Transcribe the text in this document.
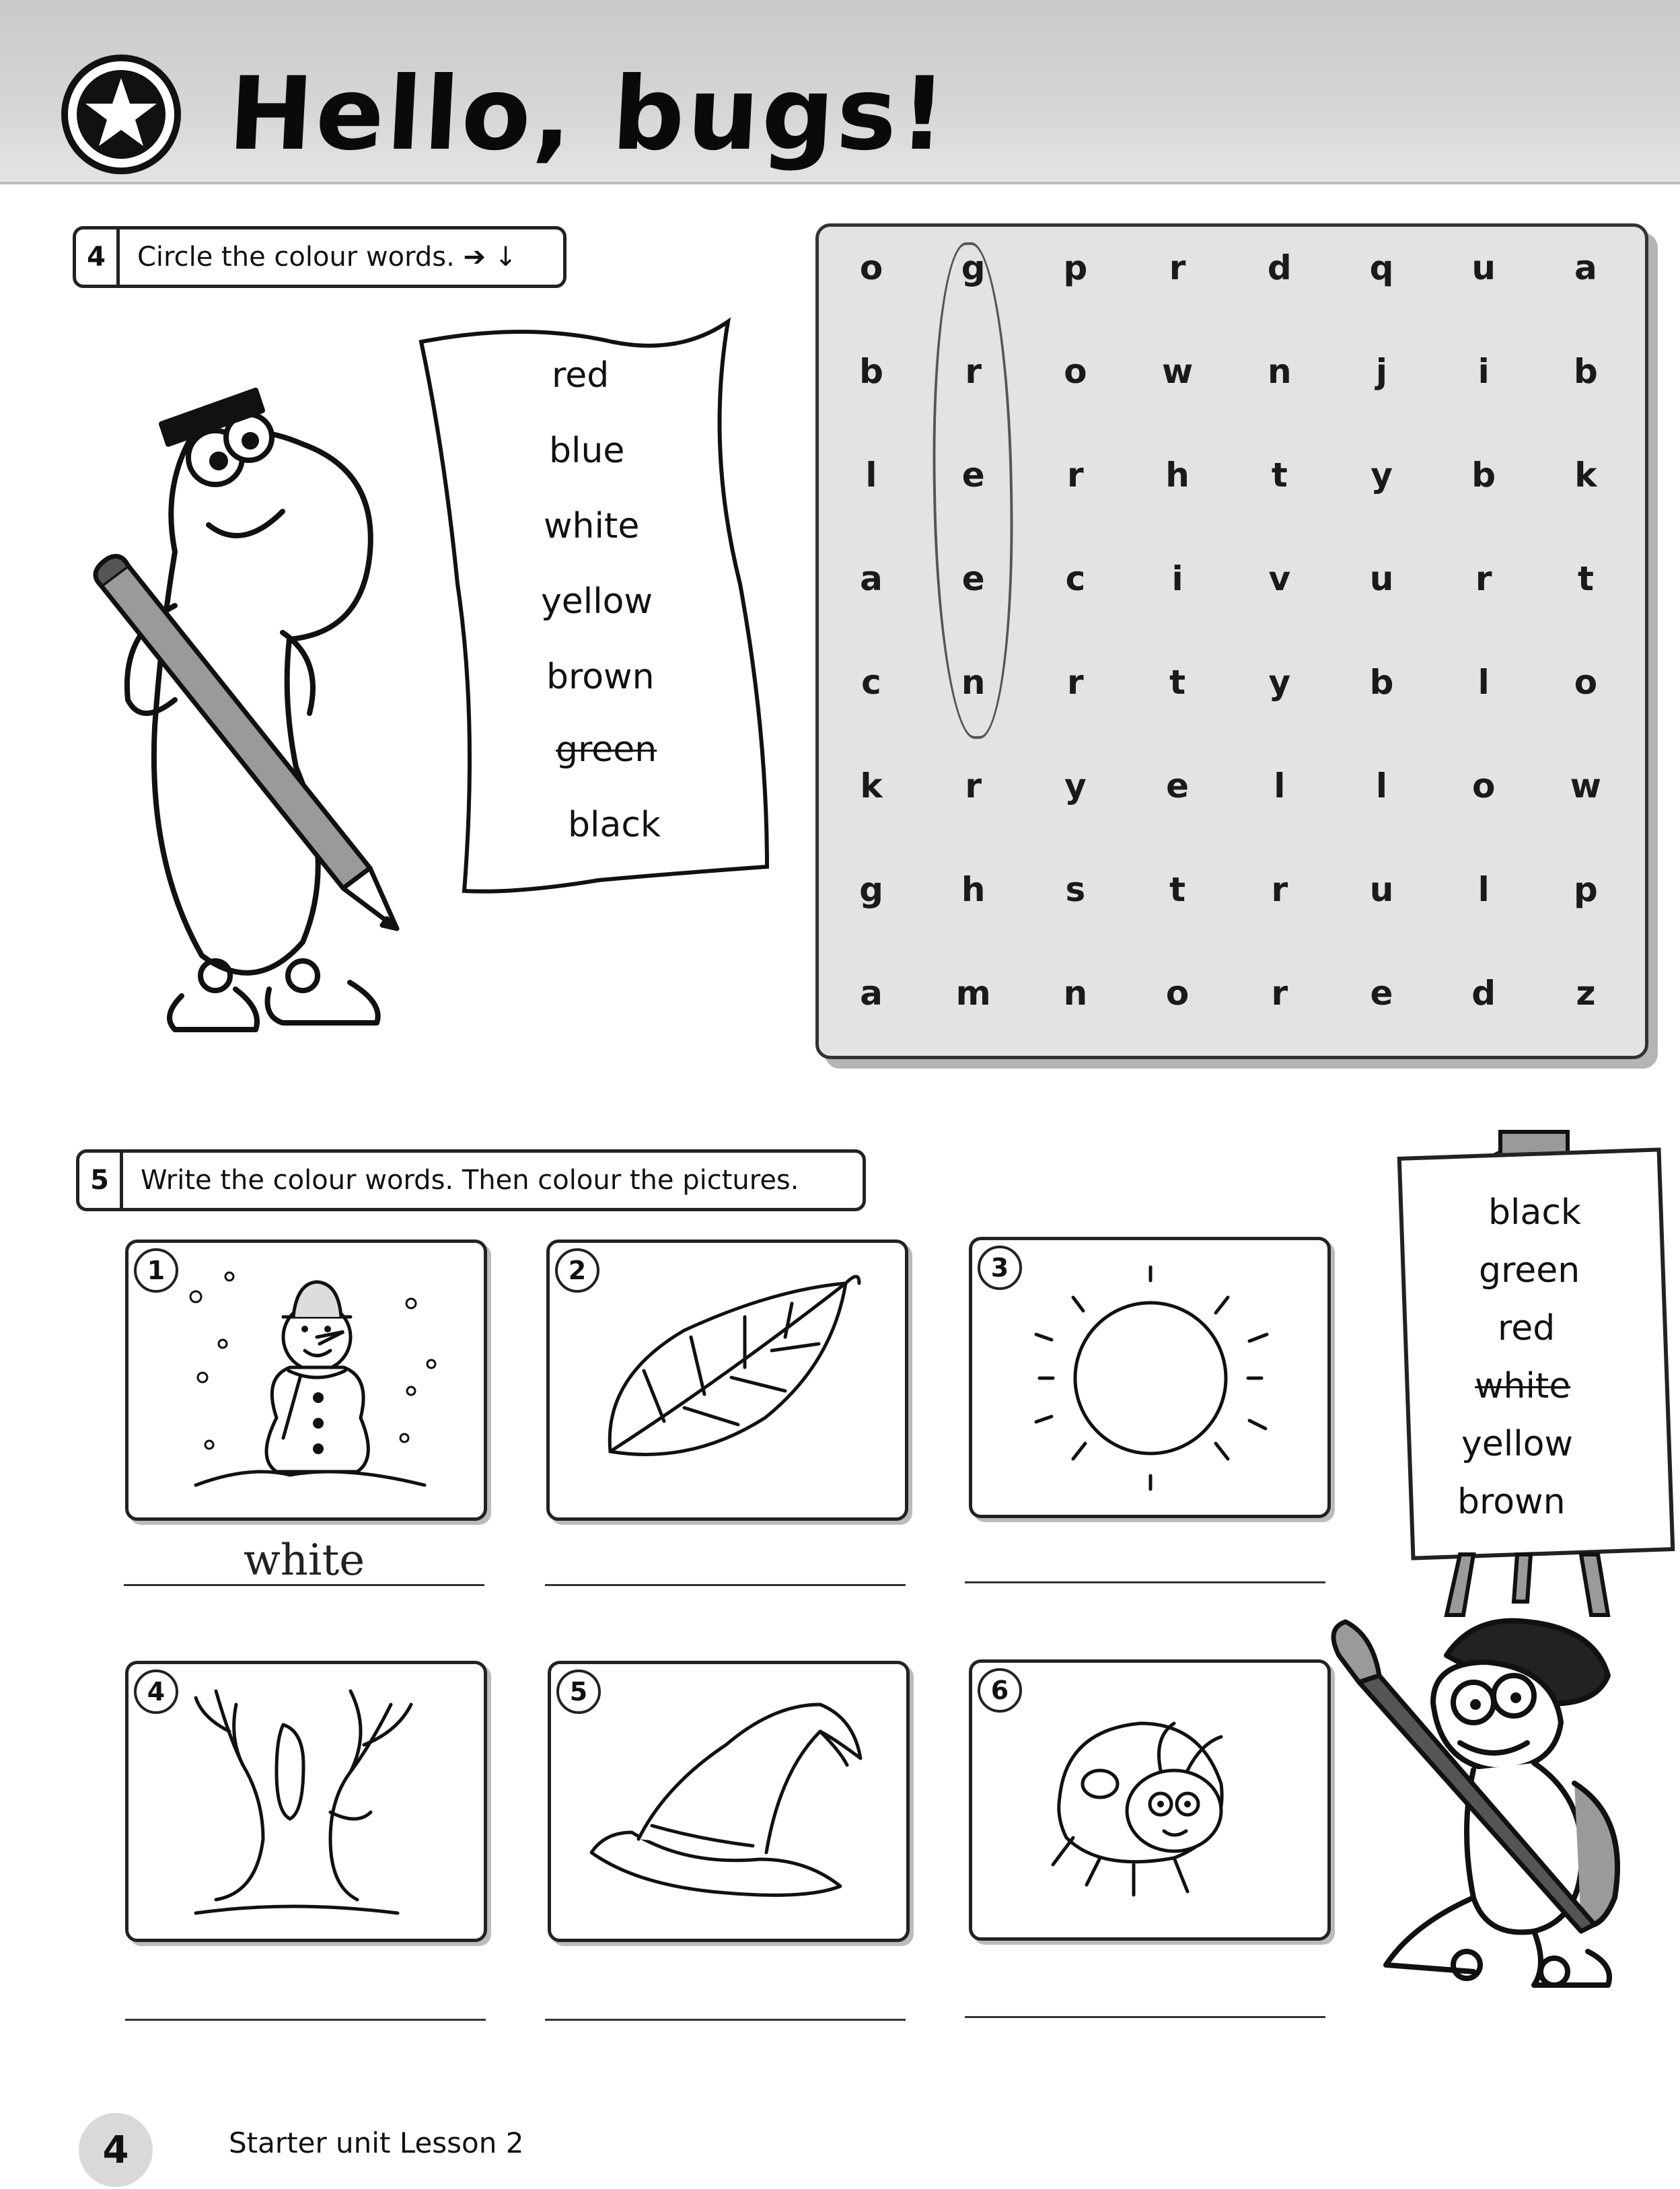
Hello, bugs!
4	Circle the colour words. ➔ ↓
red
blue
white
yellow
brown
green
black
o	g	p	r	d	q	u	a
b	r	o	w	n	j	i	b
l	e	r	h	t	y	b	k
a	e	c	i	v	u	r	t
c	n	r	t	y	b	l	o
k	r	y	e	l	l	o	w
g	h	s	t	r	u	l	p
a	m	n	o	r	e	d	z
5	Write the colour words. Then colour the pictures.
1	2	3
white
4	5	6
black
green
red
white
yellow
brown
4	Starter unit Lesson 2
